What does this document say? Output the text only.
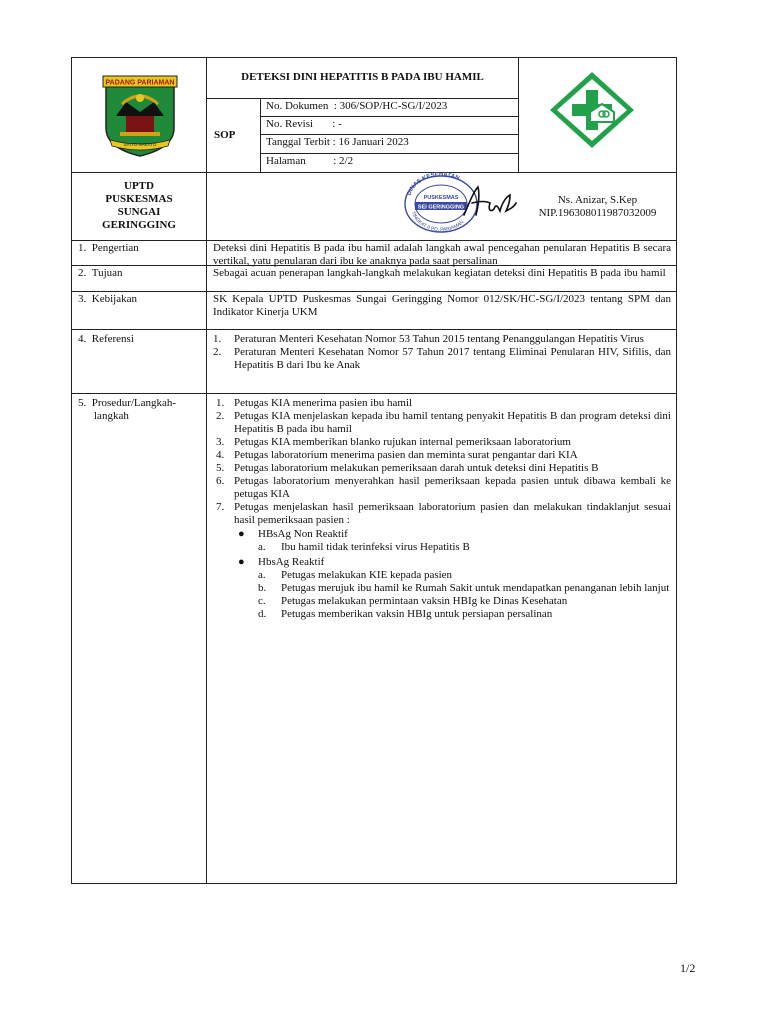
PADANG PARIAMAN
SAIYO SAKATO
DETEKSI DINI HEPATITIS B PADA IBU HAMIL
SOP
No. Dokumen  : 306/SOP/HC-SG/I/2023
No. Revisi       : -
Tanggal Terbit : 16 Januari 2023
Halaman          : 2/2
UPTD
PUSKESMAS
SUNGAI
GERINGGING
DINAS KESEHATAN
TINGKAT II PD. PARIAMAN
PUSKESMAS
SEI GERINGGING
Ns. Anizar, S.Kep
NIP.196308011987032009
1. Pengertian	Deteksi dini Hepatitis B pada ibu hamil adalah langkah awal pencegahan penularan Hepatitis B secara vertikal, yatu penularan dari ibu ke anaknya pada saat persalinan
2. Tujuan	Sebagai acuan penerapan langkah-langkah melakukan kegiatan deteksi dini Hepatitis B pada ibu hamil
3. Kebijakan	SK Kepala UPTD Puskesmas Sungai Geringging Nomor 012/SK/HC-SG/I/2023 tentang SPM dan Indikator Kinerja UKM
4. Referensi	1.	Peraturan Menteri Kesehatan Nomor 53 Tahun 2015 tentang Penanggulangan Hepatitis Virus
2.	Peraturan Menteri Kesehatan Nomor 57 Tahun 2017 tentang Eliminai Penularan HIV, Sifilis, dan Hepatitis B dari Ibu ke Anak
5. Prosedur/Langkah-
langkah
1. Petugas KIA menerima pasien ibu hamil
2. Petugas KIA menjelaskan kepada ibu hamil tentang penyakit Hepatitis B dan program deteksi dini Hepatitis B pada ibu hamil
3. Petugas KIA memberikan blanko rujukan internal pemeriksaan laboratorium
4. Petugas laboratorium menerima pasien dan meminta surat pengantar dari KIA
5. Petugas laboratorium melakukan pemeriksaan darah untuk deteksi dini Hepatitis B
6. Petugas laboratorium menyerahkan hasil pemeriksaan kepada pasien untuk dibawa kembali ke petugas KIA
7. Petugas menjelaskan hasil pemeriksaan laboratorium pasien dan melakukan tindaklanjut sesuai hasil pemeriksaan pasien :
● HBsAg Non Reaktif
a. Ibu hamil tidak terinfeksi virus Hepatitis B
● HbsAg Reaktif
a. Petugas melakukan KIE kepada pasien
b. Petugas merujuk ibu hamil ke Rumah Sakit untuk mendapatkan penanganan lebih lanjut
c. Petugas melakukan permintaan vaksin HBIg ke Dinas Kesehatan
d. Petugas memberikan vaksin HBIg untuk persiapan persalinan
1/2
